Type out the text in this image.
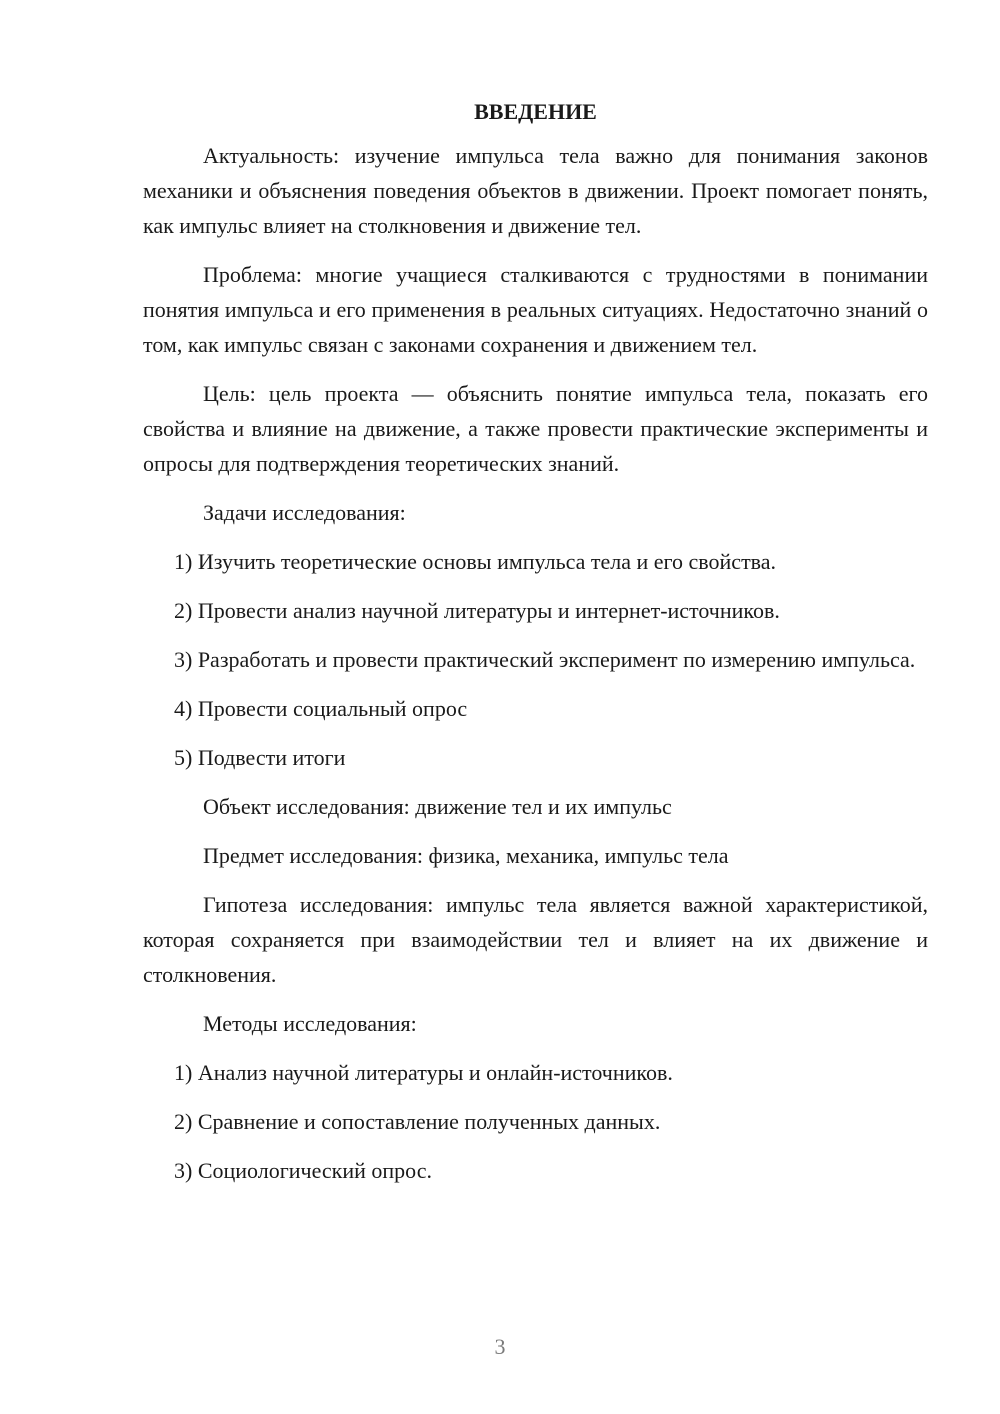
ВВЕДЕНИЕ

Актуальность: изучение импульса тела важно для понимания законов механики и объяснения поведения объектов в движении. Проект помогает понять, как импульс влияет на столкновения и движение тел.

Проблема: многие учащиеся сталкиваются с трудностями в понимании понятия импульса и его применения в реальных ситуациях. Недостаточно знаний о том, как импульс связан с законами сохранения и движением тел.

Цель: цель проекта — объяснить понятие импульса тела, показать его свойства и влияние на движение, а также провести практические эксперименты и опросы для подтверждения теоретических знаний.

Задачи исследования:

1) Изучить теоретические основы импульса тела и его свойства.

2) Провести анализ научной литературы и интернет-источников.

3) Разработать и провести практический эксперимент по измерению импульса.

4) Провести социальный опрос

5) Подвести итоги

Объект исследования: движение тел и их импульс

Предмет исследования: физика, механика, импульс тела

Гипотеза исследования: импульс тела является важной характеристикой, которая сохраняется при взаимодействии тел и влияет на их движение и столкновения.

Методы исследования:

1) Анализ научной литературы и онлайн-источников.

2) Сравнение и сопоставление полученных данных.

3) Социологический опрос.

3
